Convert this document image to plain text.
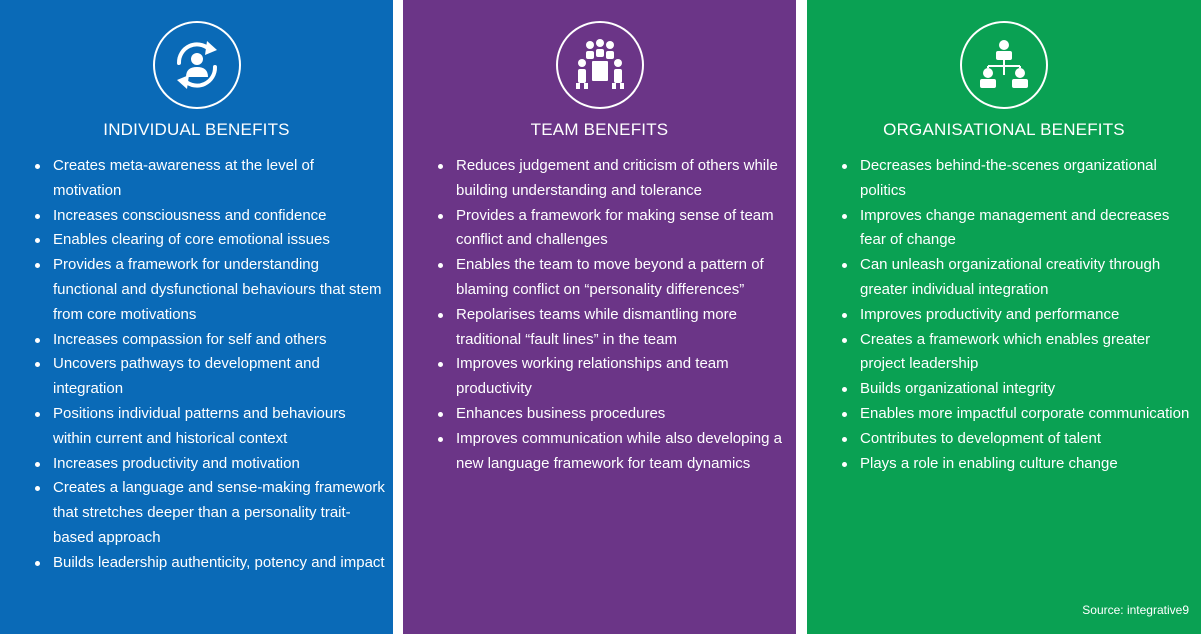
INDIVIDUAL BENEFITS
Creates meta-awareness at the level of motivation
Increases consciousness and confidence
Enables clearing of core emotional issues
Provides a framework for understanding functional and dysfunctional behaviours that stem from core motivations
Increases compassion for self and others
Uncovers pathways to development and integration
Positions individual patterns and behaviours within current and historical context
Increases productivity and motivation
Creates a language and sense-making framework that stretches deeper than a personality trait-based approach
Builds leadership authenticity, potency and impact
TEAM BENEFITS
Reduces judgement and criticism of others while building understanding and tolerance
Provides a framework for making sense of team conflict and challenges
Enables the team to move beyond a pattern of blaming conflict on “personality differences”
Repolarises teams while dismantling more traditional “fault lines” in the team
Improves working relationships and team productivity
Enhances business procedures
Improves communication while also developing a new language framework for team dynamics
ORGANISATIONAL BENEFITS
Decreases behind-the-scenes organizational politics
Improves change management and decreases fear of change
Can unleash organizational creativity through greater individual integration
Improves productivity and performance
Creates a framework which enables greater project leadership
Builds organizational integrity
Enables more impactful corporate communication
Contributes to development of talent
Plays a role in enabling culture change
Source: integrative9
